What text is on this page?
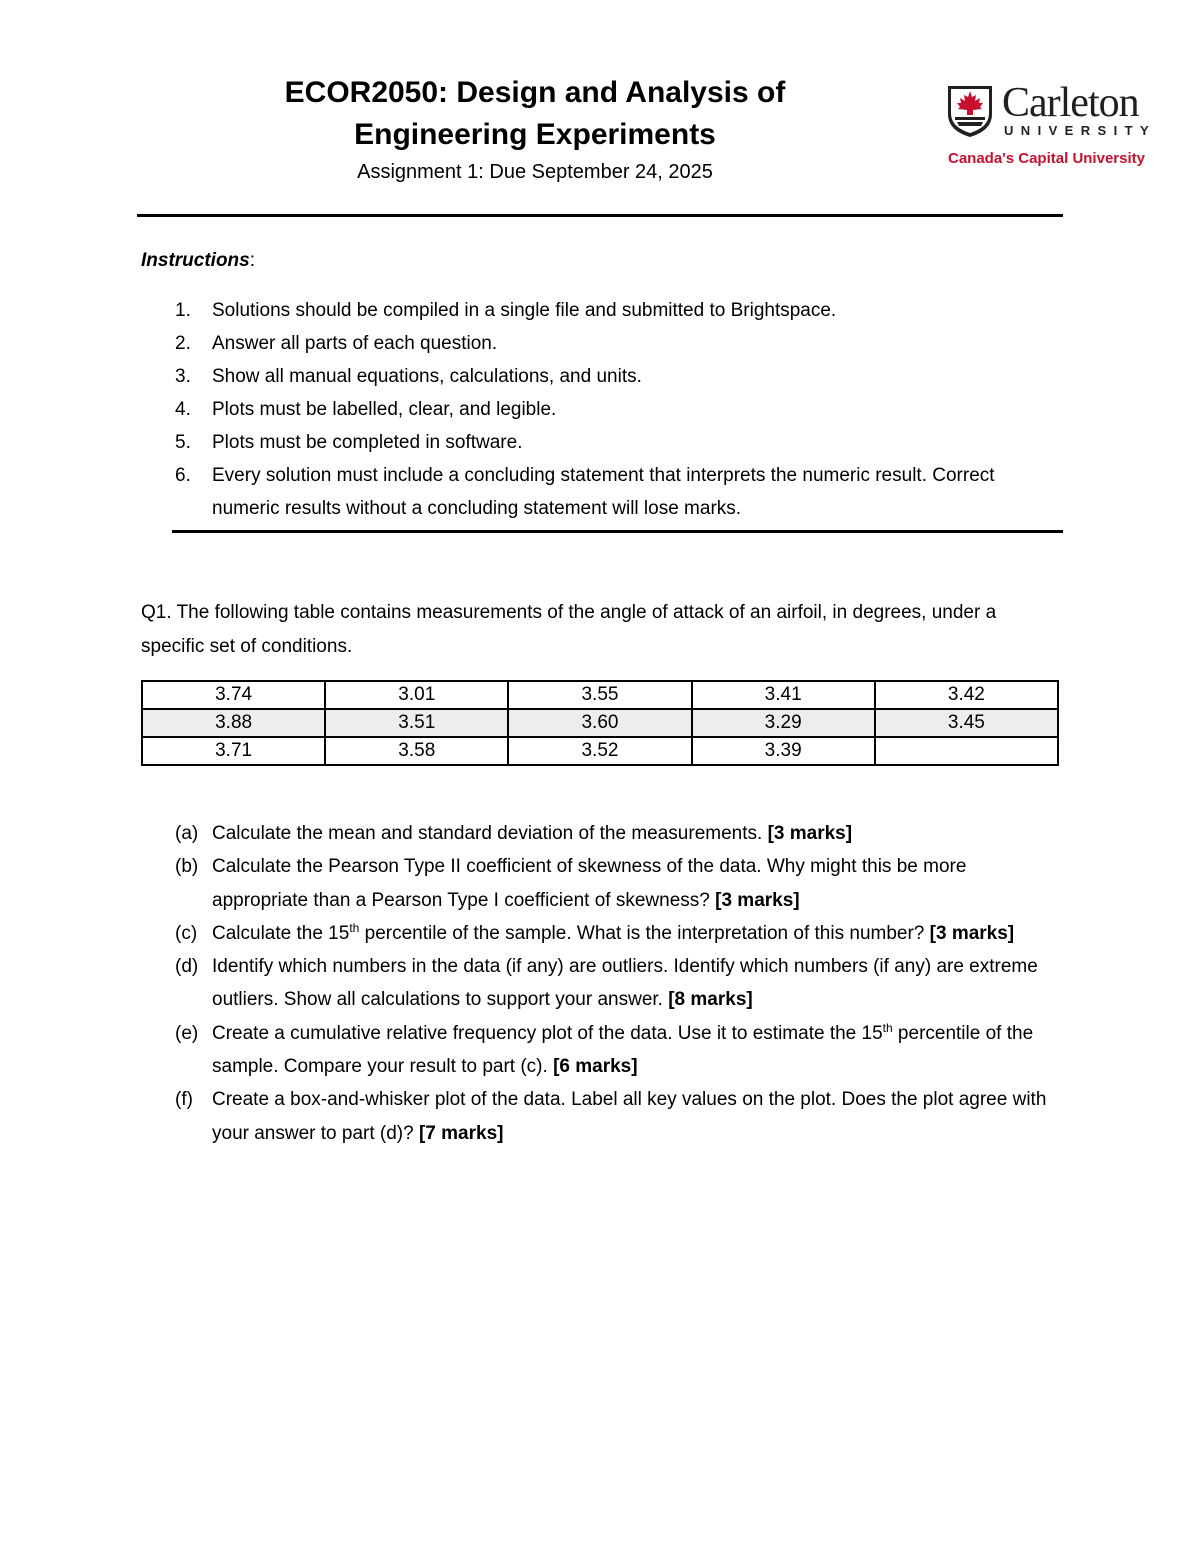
ECOR2050: Design and Analysis of
Engineering Experiments
Assignment 1: Due September 24, 2025
Carleton
UNIVERSITY
Canada's Capital University
Instructions:
1. Solutions should be compiled in a single file and submitted to Brightspace.
2. Answer all parts of each question.
3. Show all manual equations, calculations, and units.
4. Plots must be labelled, clear, and legible.
5. Plots must be completed in software.
6. Every solution must include a concluding statement that interprets the numeric result. Correct numeric results without a concluding statement will lose marks.
Q1. The following table contains measurements of the angle of attack of an airfoil, in degrees, under a specific set of conditions.
3.74	3.01	3.55	3.41	3.42
3.88	3.51	3.60	3.29	3.45
3.71	3.58	3.52	3.39	
(a) Calculate the mean and standard deviation of the measurements. [3 marks]
(b) Calculate the Pearson Type II coefficient of skewness of the data. Why might this be more appropriate than a Pearson Type I coefficient of skewness? [3 marks]
(c) Calculate the 15th percentile of the sample. What is the interpretation of this number? [3 marks]
(d) Identify which numbers in the data (if any) are outliers. Identify which numbers (if any) are extreme outliers. Show all calculations to support your answer. [8 marks]
(e) Create a cumulative relative frequency plot of the data. Use it to estimate the 15th percentile of the sample. Compare your result to part (c). [6 marks]
(f) Create a box-and-whisker plot of the data. Label all key values on the plot. Does the plot agree with your answer to part (d)? [7 marks]
